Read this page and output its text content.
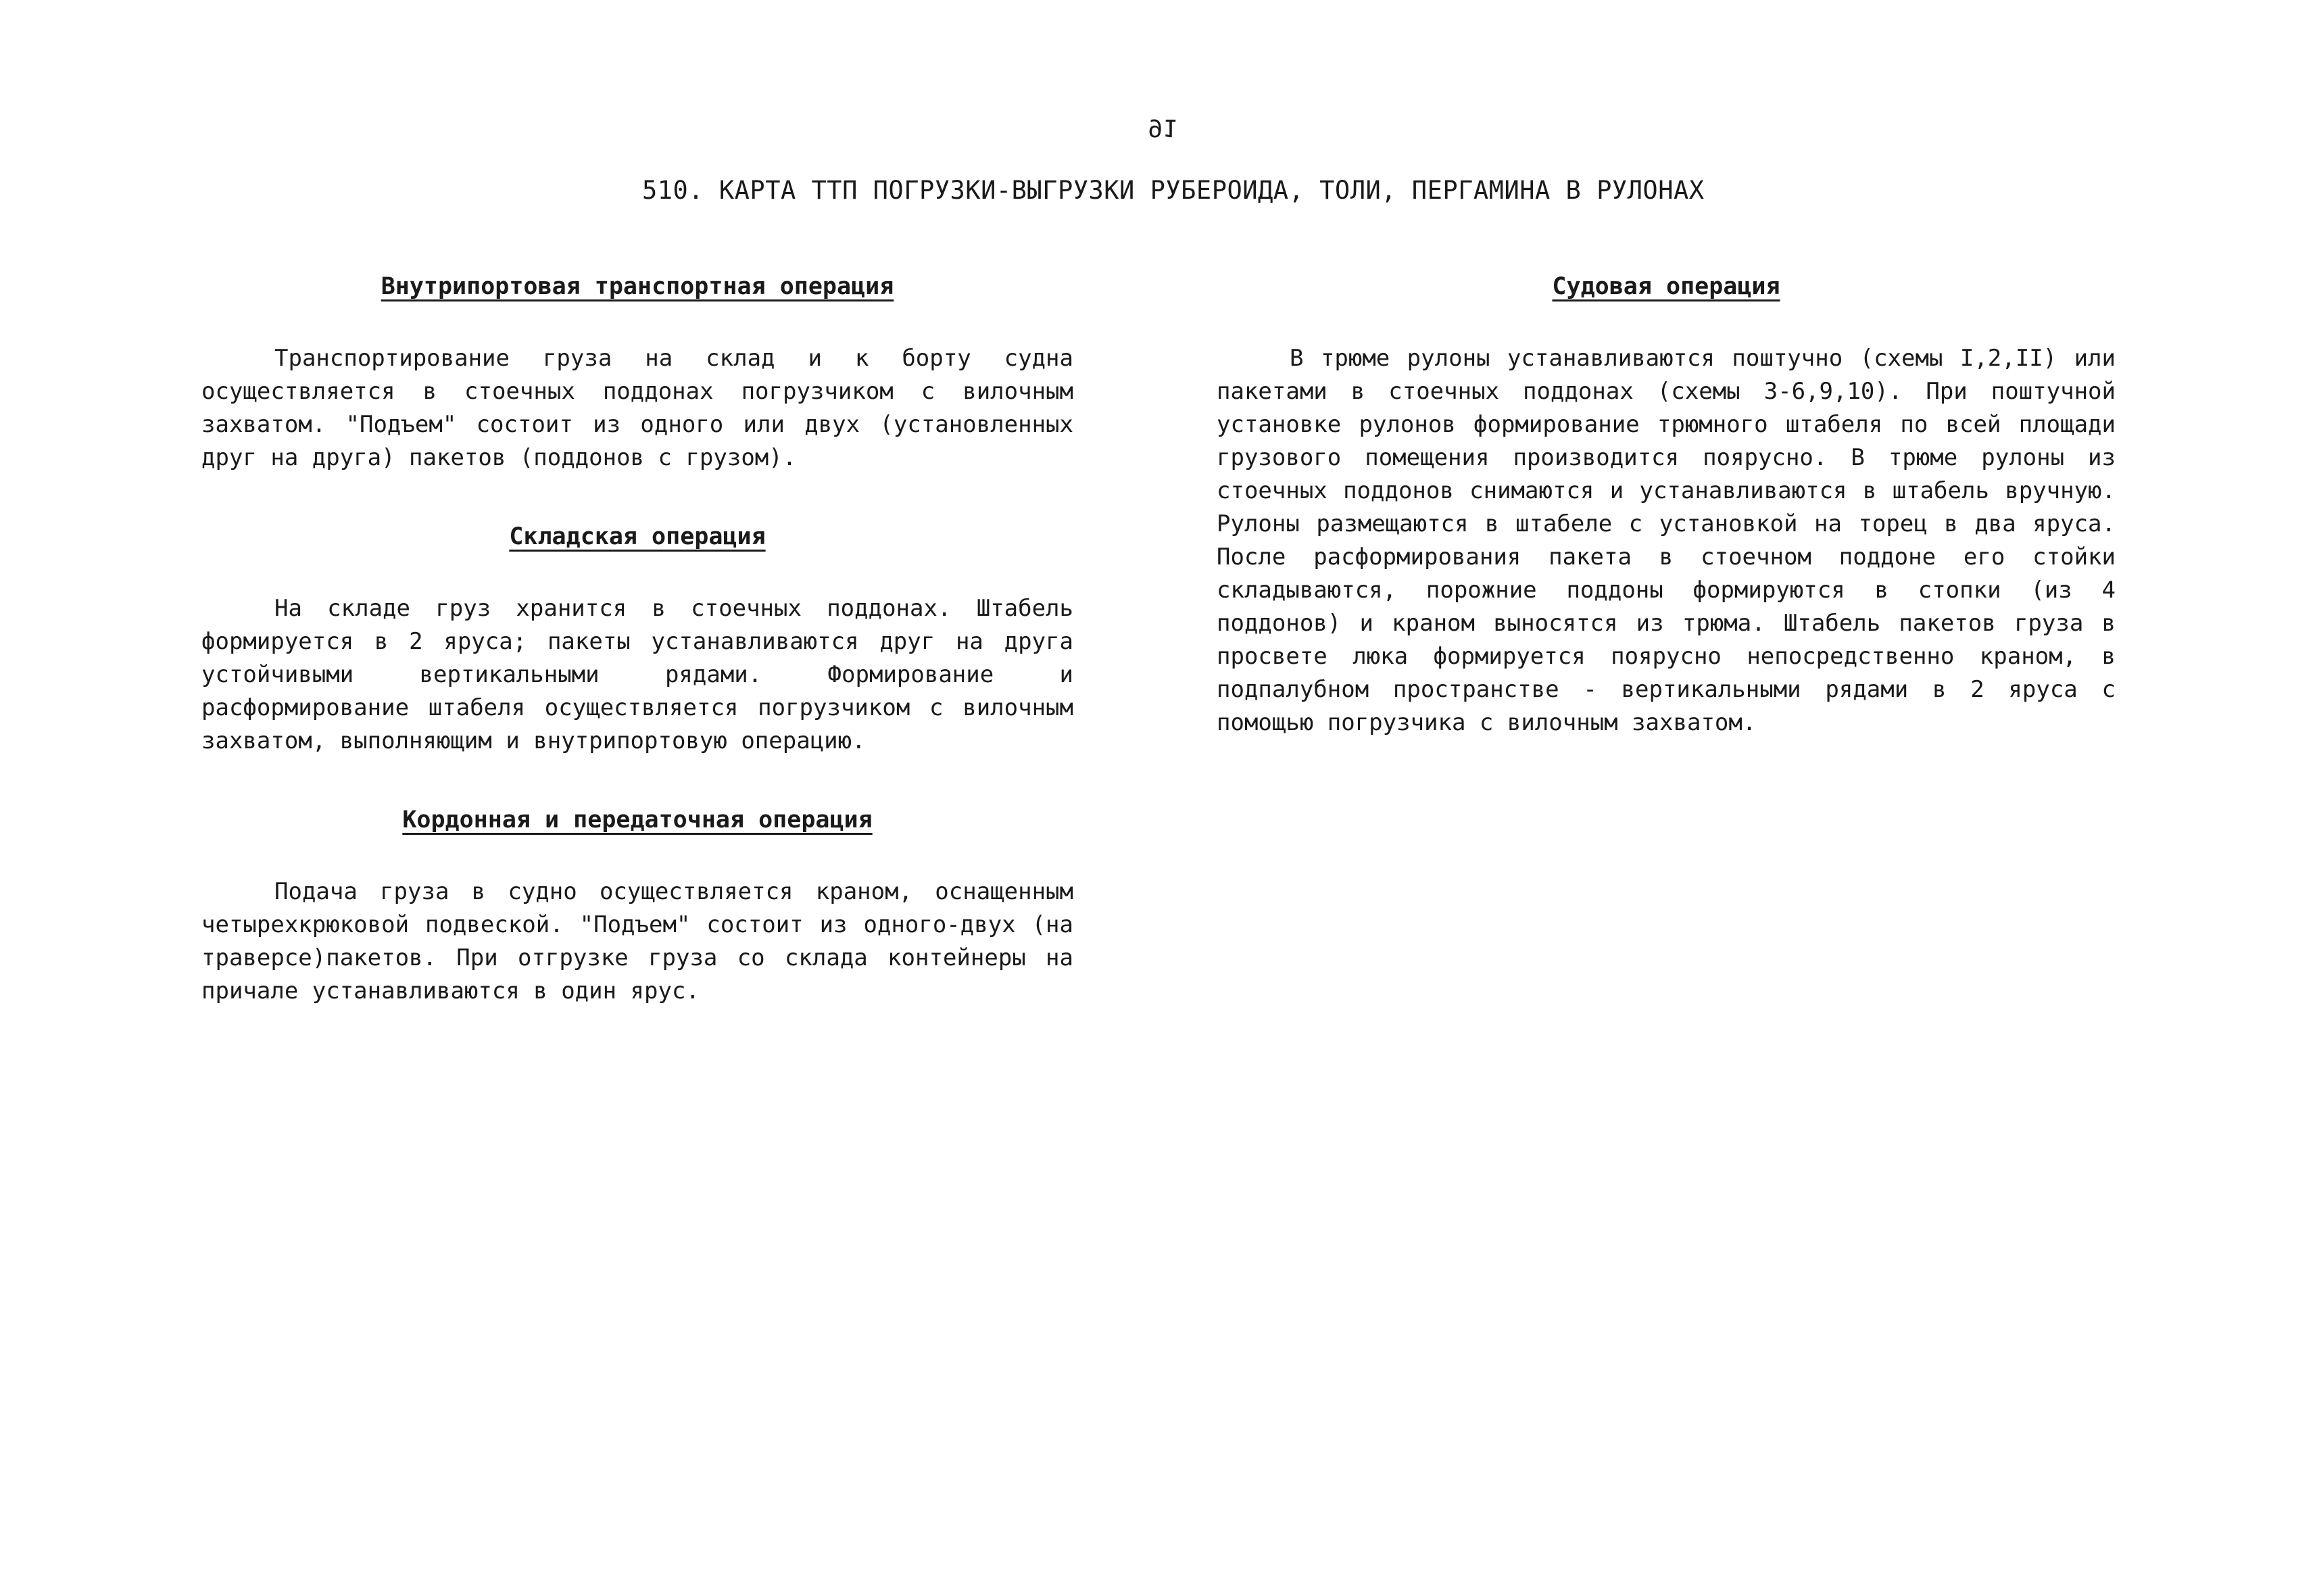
91
510. КАРТА ТТП ПОГРУЗКИ-ВЫГРУЗКИ РУБЕРОИДА, ТОЛИ, ПЕРГАМИНА В РУЛОНАХ
Внутрипортовая транспортная операция

Транспортирование груза на склад и к борту судна осуществляется в стоечных поддонах погрузчиком с вилочным захватом. "Подъем" состоит из одного или двух (установленных друг на друга) пакетов (поддонов с грузом).

Складская операция

На складе груз хранится в стоечных поддонах. Штабель формируется в 2 яруса; пакеты устанавливаются друг на друга устойчивыми вертикальными рядами. Формирование и расформирование штабеля осуществляется погрузчиком с вилочным захватом, выполняющим и внутрипортовую операцию.

Кордонная и передаточная операция

Подача груза в судно осуществляется краном, оснащенным четырехкрюковой подвеской. "Подъем" состоит из одного-двух (на траверсе)пакетов. При отгрузке груза со склада контейнеры на причале устанавливаются в один ярус.

Судовая операция

В трюме рулоны устанавливаются поштучно (схемы I,2,II) или пакетами в стоечных поддонах (схемы 3-6,9,10). При поштучной установке рулонов формирование трюмного штабеля по всей площади грузового помещения производится поярусно. В трюме рулоны из стоечных поддонов снимаются и устанавливаются в штабель вручную. Рулоны размещаются в штабеле с установкой на торец в два яруса. После расформирования пакета в стоечном поддоне его стойки складываются, порожние поддоны формируются в стопки (из 4 поддонов) и краном выносятся из трюма. Штабель пакетов груза в просвете люка формируется поярусно непосредственно краном, в подпалубном пространстве - вертикальными рядами в 2 яруса с помощью погрузчика с вилочным захватом.
